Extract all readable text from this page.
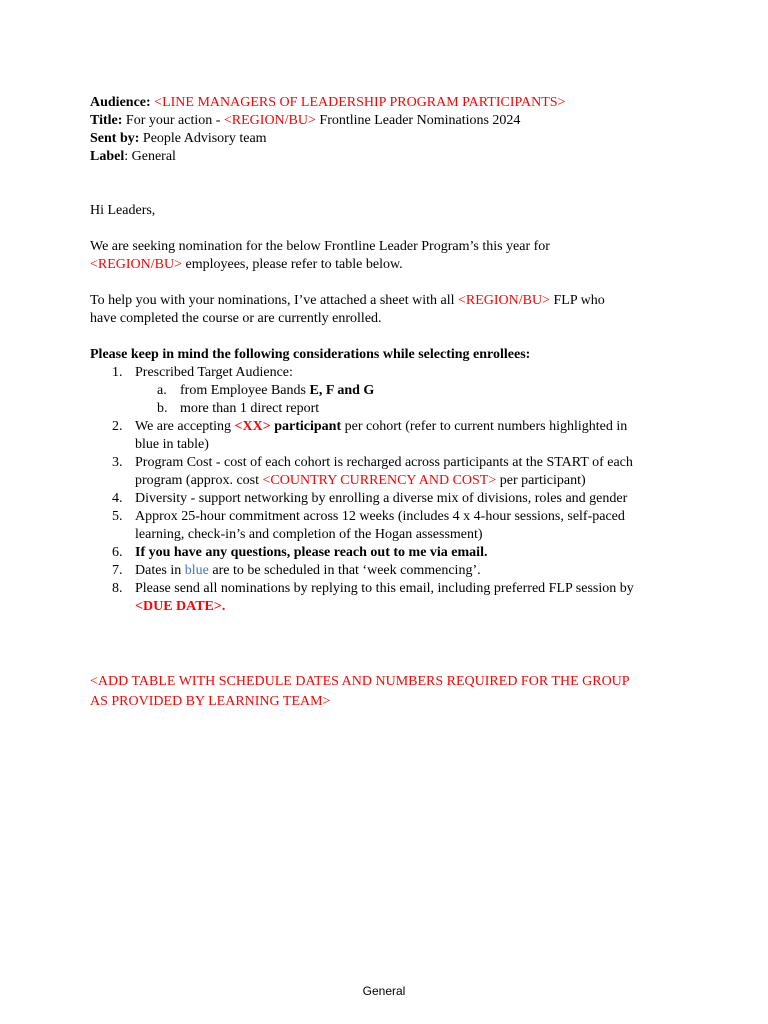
Audience: <LINE MANAGERS OF LEADERSHIP PROGRAM PARTICIPANTS>

Title: For your action - <REGION/BU> Frontline Leader Nominations 2024

Sent by: People Advisory team

Label: General

Hi Leaders,

We are seeking nomination for the below Frontline Leader Program’s this year for
<REGION/BU> employees, please refer to table below.

To help you with your nominations, I’ve attached a sheet with all <REGION/BU> FLP who
have completed the course or are currently enrolled.

Please keep in mind the following considerations while selecting enrollees:

1. Prescribed Target Audience:
a. from Employee Bands E, F and G
b. more than 1 direct report
2. We are accepting <XX> participant per cohort (refer to current numbers highlighted in
blue in table)
3. Program Cost - cost of each cohort is recharged across participants at the START of each
program (approx. cost <COUNTRY CURRENCY AND COST> per participant)
4. Diversity - support networking by enrolling a diverse mix of divisions, roles and gender
5. Approx 25-hour commitment across 12 weeks (includes 4 x 4-hour sessions, self-paced
learning, check-in’s and completion of the Hogan assessment)
6. If you have any questions, please reach out to me via email.
7. Dates in blue are to be scheduled in that ‘week commencing’.
8. Please send all nominations by replying to this email, including preferred FLP session by
<DUE DATE>.

<ADD TABLE WITH SCHEDULE DATES AND NUMBERS REQUIRED FOR THE GROUP
AS PROVIDED BY LEARNING TEAM>

General
